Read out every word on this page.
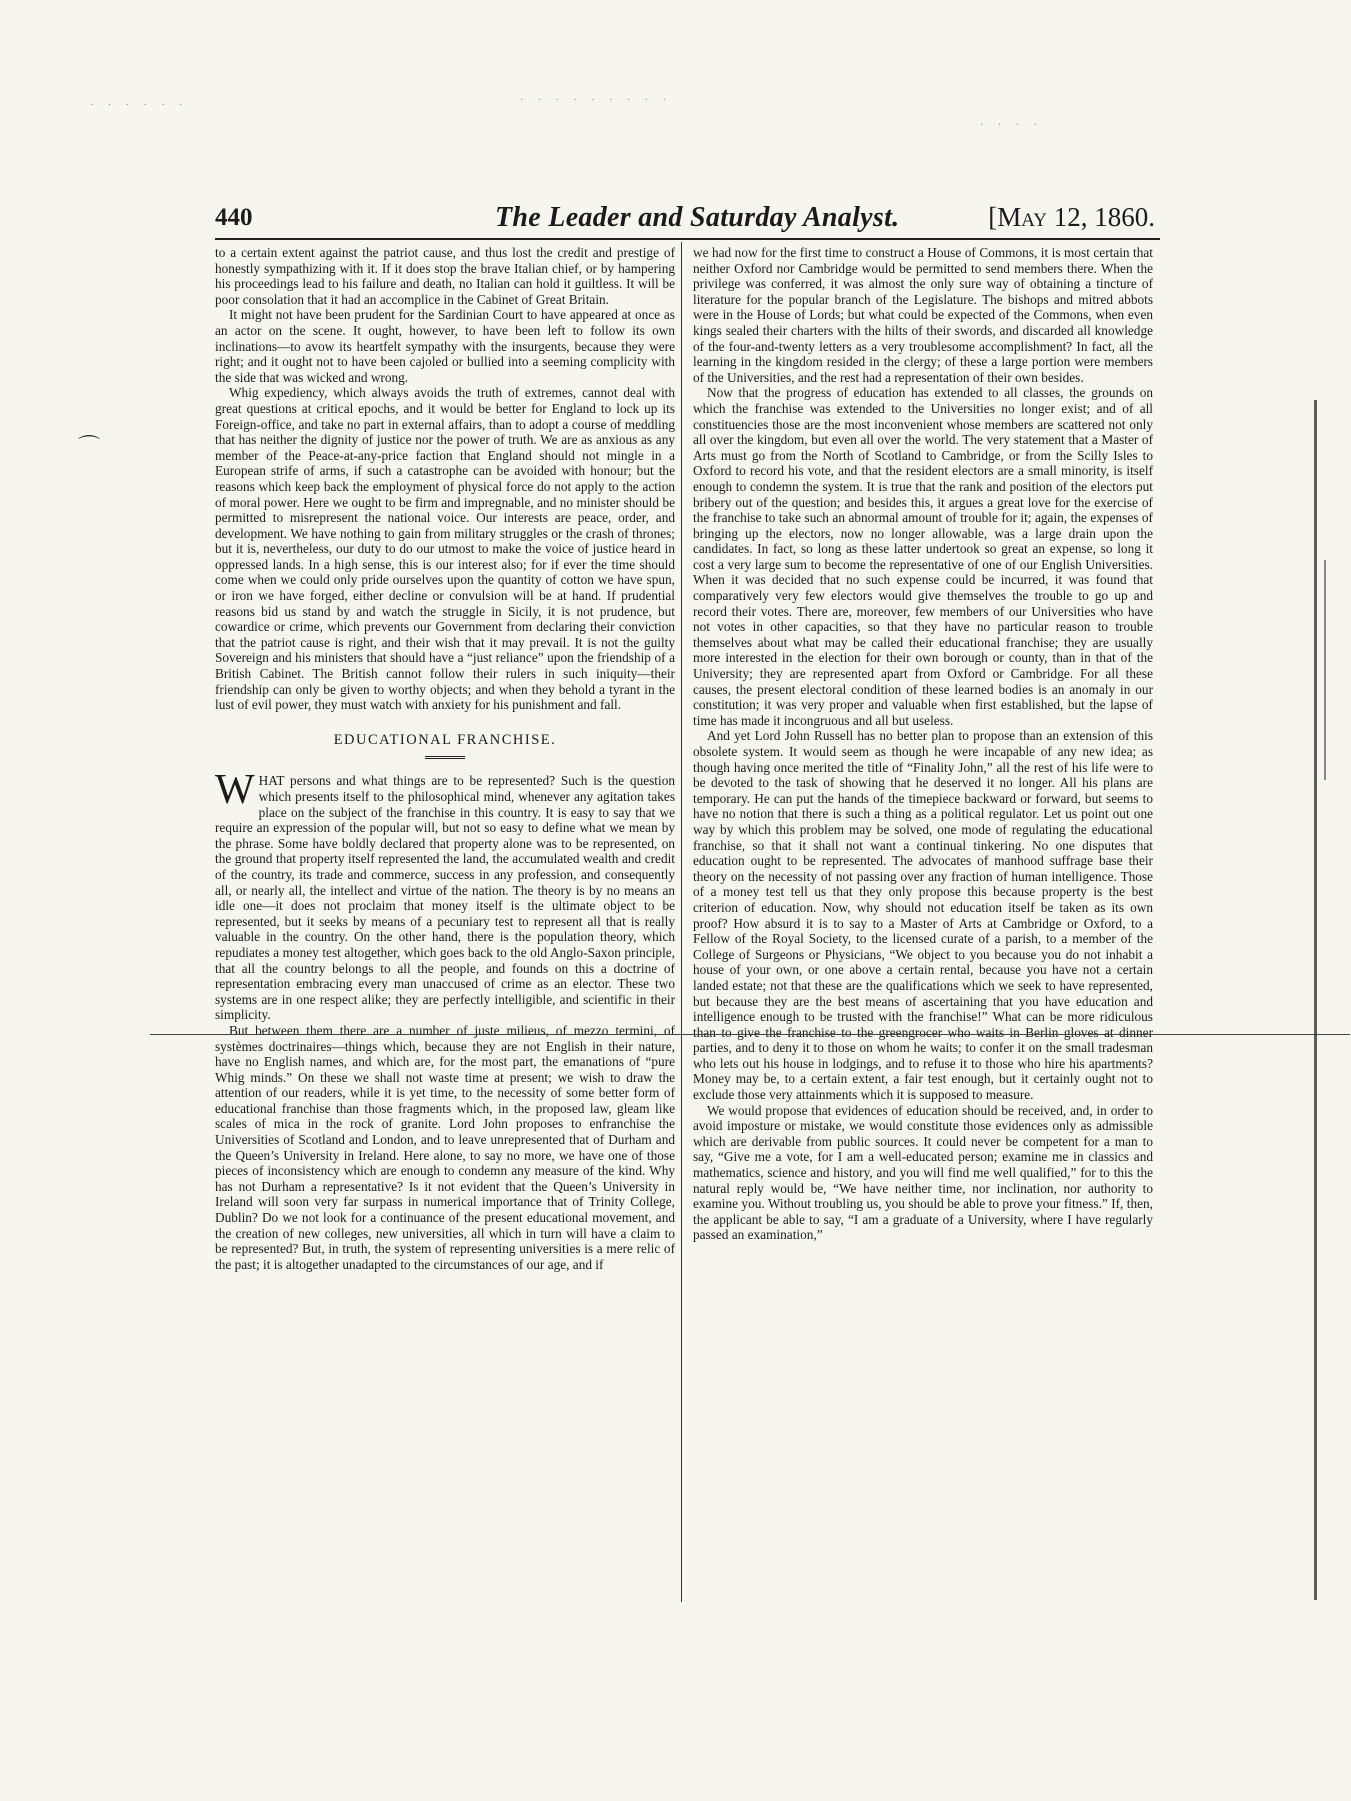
· · · · · ·	· · · · · · · · ·
· · · ·
440	The Leader and Saturday Analyst.	[May 12, 1860.

to a certain extent against the patriot cause, and thus lost the credit and prestige of honestly sympathizing with it. If it does stop the brave Italian chief, or by hampering his proceedings lead to his failure and death, no Italian can hold it guiltless. It will be poor consolation that it had an accomplice in the Cabinet of Great Britain.

It might not have been prudent for the Sardinian Court to have appeared at once as an actor on the scene. It ought, however, to have been left to follow its own inclinations—to avow its heartfelt sympathy with the insurgents, because they were right; and it ought not to have been cajoled or bullied into a seeming complicity with the side that was wicked and wrong.

Whig expediency, which always avoids the truth of extremes, cannot deal with great questions at critical epochs, and it would be better for England to lock up its Foreign-office, and take no part in external affairs, than to adopt a course of meddling that has neither the dignity of justice nor the power of truth. We are as anxious as any member of the Peace-at-any-price faction that England should not mingle in a European strife of arms, if such a catastrophe can be avoided with honour; but the reasons which keep back the employment of physical force do not apply to the action of moral power. Here we ought to be firm and impregnable, and no minister should be permitted to misrepresent the national voice. Our interests are peace, order, and development. We have nothing to gain from military struggles or the crash of thrones; but it is, nevertheless, our duty to do our utmost to make the voice of justice heard in oppressed lands. In a high sense, this is our interest also; for if ever the time should come when we could only pride ourselves upon the quantity of cotton we have spun, or iron we have forged, either decline or convulsion will be at hand. If prudential reasons bid us stand by and watch the struggle in Sicily, it is not prudence, but cowardice or crime, which prevents our Government from declaring their conviction that the patriot cause is right, and their wish that it may prevail. It is not the guilty Sovereign and his ministers that should have a “just reliance” upon the friendship of a British Cabinet. The British cannot follow their rulers in such iniquity—their friendship can only be given to worthy objects; and when they behold a tyrant in the lust of evil power, they must watch with anxiety for his punishment and fall.

EDUCATIONAL FRANCHISE.

WHAT persons and what things are to be represented? Such is the question which presents itself to the philosophical mind, whenever any agitation takes place on the subject of the franchise in this country. It is easy to say that we require an expression of the popular will, but not so easy to define what we mean by the phrase. Some have boldly declared that property alone was to be represented, on the ground that property itself represented the land, the accumulated wealth and credit of the country, its trade and commerce, success in any profession, and consequently all, or nearly all, the intellect and virtue of the nation. The theory is by no means an idle one—it does not proclaim that money itself is the ultimate object to be represented, but it seeks by means of a pecuniary test to represent all that is really valuable in the country. On the other hand, there is the population theory, which repudiates a money test altogether, which goes back to the old Anglo-Saxon principle, that all the country belongs to all the people, and founds on this a doctrine of representation embracing every man unaccused of crime as an elector. These two systems are in one respect alike; they are perfectly intelligible, and scientific in their simplicity.

But between them there are a number of juste milieus, of mezzo termini, of systèmes doctrinaires—things which, because they are not English in their nature, have no English names, and which are, for the most part, the emanations of “pure Whig minds.” On these we shall not waste time at present; we wish to draw the attention of our readers, while it is yet time, to the necessity of some better form of educational franchise than those fragments which, in the proposed law, gleam like scales of mica in the rock of granite. Lord John proposes to enfranchise the Universities of Scotland and London, and to leave unrepresented that of Durham and the Queen’s University in Ireland. Here alone, to say no more, we have one of those pieces of inconsistency which are enough to condemn any measure of the kind. Why has not Durham a representative? Is it not evident that the Queen’s University in Ireland will soon very far surpass in numerical importance that of Trinity College, Dublin? Do we not look for a continuance of the present educational movement, and the creation of new colleges, new universities, all which in turn will have a claim to be represented? But, in truth, the system of representing universities is a mere relic of the past; it is altogether unadapted to the circumstances of our age, and if

we had now for the first time to construct a House of Commons, it is most certain that neither Oxford nor Cambridge would be permitted to send members there. When the privilege was conferred, it was almost the only sure way of obtaining a tincture of literature for the popular branch of the Legislature. The bishops and mitred abbots were in the House of Lords; but what could be expected of the Commons, when even kings sealed their charters with the hilts of their swords, and discarded all knowledge of the four-and-twenty letters as a very troublesome accomplishment? In fact, all the learning in the kingdom resided in the clergy; of these a large portion were members of the Universities, and the rest had a representation of their own besides.

Now that the progress of education has extended to all classes, the grounds on which the franchise was extended to the Universities no longer exist; and of all constituencies those are the most inconvenient whose members are scattered not only all over the kingdom, but even all over the world. The very statement that a Master of Arts must go from the North of Scotland to Cambridge, or from the Scilly Isles to Oxford to record his vote, and that the resident electors are a small minority, is itself enough to condemn the system. It is true that the rank and position of the electors put bribery out of the question; and besides this, it argues a great love for the exercise of the franchise to take such an abnormal amount of trouble for it; again, the expenses of bringing up the electors, now no longer allowable, was a large drain upon the candidates. In fact, so long as these latter undertook so great an expense, so long it cost a very large sum to become the representative of one of our English Universities. When it was decided that no such expense could be incurred, it was found that comparatively very few electors would give themselves the trouble to go up and record their votes. There are, moreover, few members of our Universities who have not votes in other capacities, so that they have no particular reason to trouble themselves about what may be called their educational franchise; they are usually more interested in the election for their own borough or county, than in that of the University; they are represented apart from Oxford or Cambridge. For all these causes, the present electoral condition of these learned bodies is an anomaly in our constitution; it was very proper and valuable when first established, but the lapse of time has made it incongruous and all but useless.

And yet Lord John Russell has no better plan to propose than an extension of this obsolete system. It would seem as though he were incapable of any new idea; as though having once merited the title of “Finality John,” all the rest of his life were to be devoted to the task of showing that he deserved it no longer. All his plans are temporary. He can put the hands of the timepiece backward or forward, but seems to have no notion that there is such a thing as a political regulator. Let us point out one way by which this problem may be solved, one mode of regulating the educational franchise, so that it shall not want a continual tinkering. No one disputes that education ought to be represented. The advocates of manhood suffrage base their theory on the necessity of not passing over any fraction of human intelligence. Those of a money test tell us that they only propose this because property is the best criterion of education. Now, why should not education itself be taken as its own proof? How absurd it is to say to a Master of Arts at Cambridge or Oxford, to a Fellow of the Royal Society, to the licensed curate of a parish, to a member of the College of Surgeons or Physicians, “We object to you because you do not inhabit a house of your own, or one above a certain rental, because you have not a certain landed estate; not that these are the qualifications which we seek to have represented, but because they are the best means of ascertaining that you have education and intelligence enough to be trusted with the franchise!” What can be more ridiculous than to give the franchise to the greengrocer who waits in Berlin gloves at dinner parties, and to deny it to those on whom he waits; to confer it on the small tradesman who lets out his house in lodgings, and to refuse it to those who hire his apartments? Money may be, to a certain extent, a fair test enough, but it certainly ought not to exclude those very attainments which it is supposed to measure.

We would propose that evidences of education should be received, and, in order to avoid imposture or mistake, we would constitute those evidences only as admissible which are derivable from public sources. It could never be competent for a man to say, “Give me a vote, for I am a well-educated person; examine me in classics and mathematics, science and history, and you will find me well qualified,” for to this the natural reply would be, “We have neither time, nor inclination, nor authority to examine you. Without troubling us, you should be able to prove your fitness.” If, then, the applicant be able to say, “I am a graduate of a University, where I have regularly passed an examination,”

⌒
